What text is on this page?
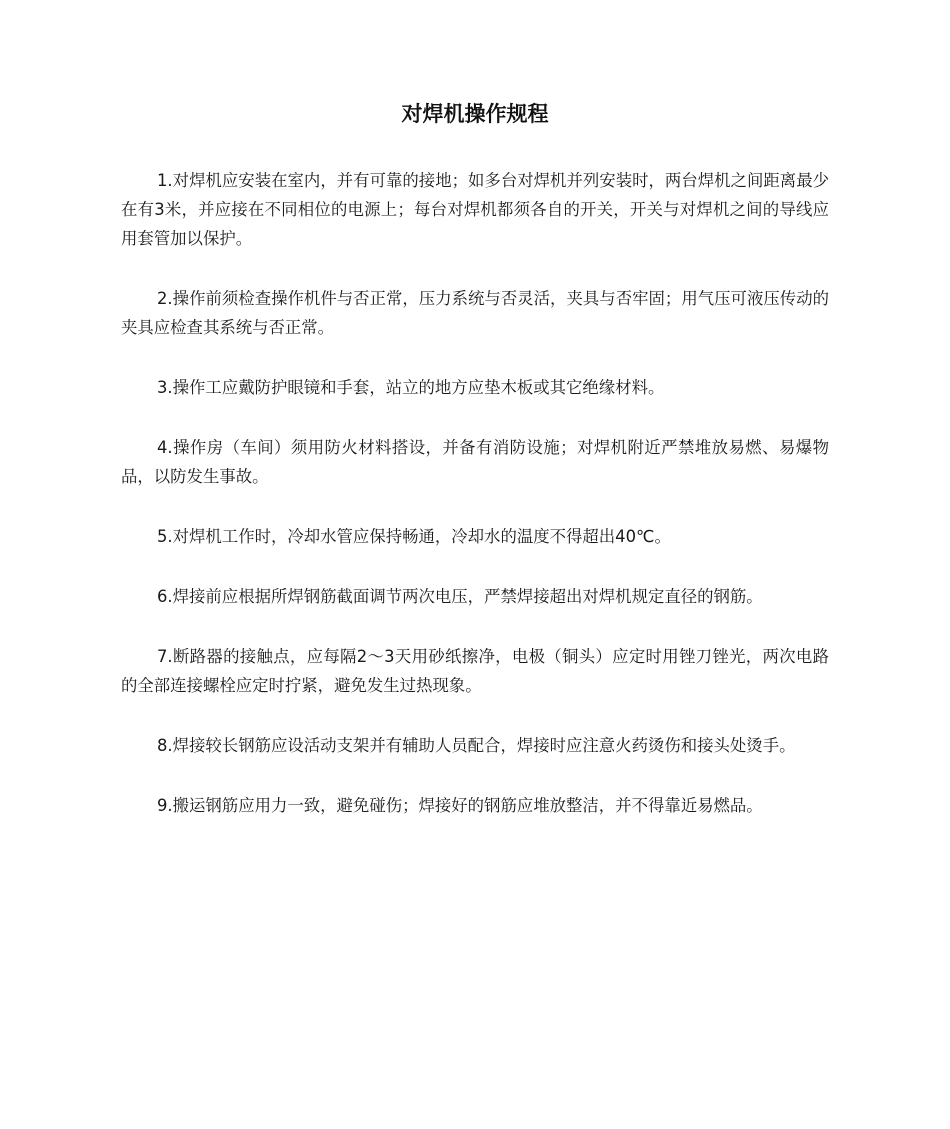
对焊机操作规程

1.对焊机应安装在室内，并有可靠的接地；如多台对焊机并列安装时，两台焊机之间距离最少在有3米，并应接在不同相位的电源上；每台对焊机都须各自的开关，开关与对焊机之间的导线应用套管加以保护。

2.操作前须检查操作机件与否正常，压力系统与否灵活，夹具与否牢固；用气压可液压传动的夹具应检查其系统与否正常。

3.操作工应戴防护眼镜和手套，站立的地方应垫木板或其它绝缘材料。

4.操作房（车间）须用防火材料搭设，并备有消防设施；对焊机附近严禁堆放易燃、易爆物品，以防发生事故。

5.对焊机工作时，冷却水管应保持畅通，冷却水的温度不得超出40℃。

6.焊接前应根据所焊钢筋截面调节两次电压，严禁焊接超出对焊机规定直径的钢筋。

7.断路器的接触点，应每隔2～3天用砂纸擦净，电极（铜头）应定时用锉刀锉光，两次电路的全部连接螺栓应定时拧紧，避免发生过热现象。

8.焊接较长钢筋应设活动支架并有辅助人员配合，焊接时应注意火药烫伤和接头处烫手。

9.搬运钢筋应用力一致，避免碰伤；焊接好的钢筋应堆放整洁，并不得靠近易燃品。
